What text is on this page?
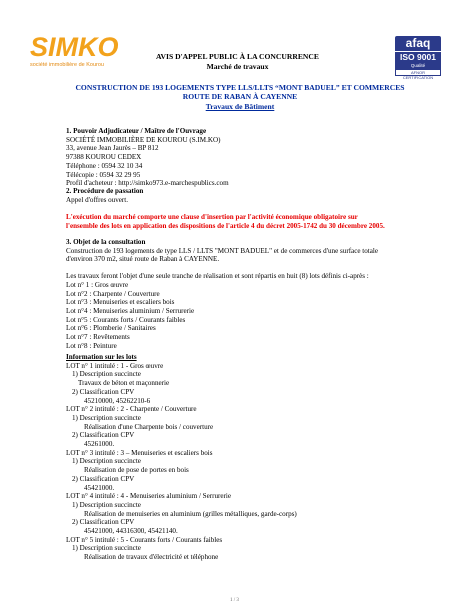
SIMKO
société immobilière de Kourou
AVIS D'APPEL PUBLIC À LA CONCURRENCE
Marché de travaux
afaq
ISO 9001
Qualité
AFNOR CERTIFICATION
CONSTRUCTION DE 193 LOGEMENTS TYPE LLS/LLTS “MONT BADUEL” ET COMMERCES
ROUTE DE RABAN À CAYENNE
Travaux de Bâtiment
1. Pouvoir Adjudicateur / Maître de l'Ouvrage
SOCIÉTÉ IMMOBILIÈRE DE KOUROU (S.IM.KO)
33, avenue Jean Jaurès – BP 812
97388 KOUROU CEDEX
Téléphone : 0594 32 10 34
Télécopie : 0594 32 29 95
Profil d'acheteur : http://simko973.e-marchespublics.com
2. Procédure de passation
Appel d'offres ouvert.
L'exécution du marché comporte une clause d'insertion par l'activité économique obligatoire sur
l'ensemble des lots en application des dispositions de l'article 4 du décret 2005-1742 du 30 décembre 2005.
3. Objet de la consultation
Construction de 193 logements de type LLS / LLTS "MONT BADUEL" et de commerces d'une surface totale
d'environ 370 m2, situé route de Raban à CAYENNE.
Les travaux feront l'objet d'une seule tranche de réalisation et sont répartis en huit (8) lots définis ci-après :
Lot n° 1 : Gros œuvre
Lot n°2 : Charpente / Couverture
Lot n°3 : Menuiseries et escaliers bois
Lot n°4 : Menuiseries aluminium / Serrurerie
Lot n°5 : Courants forts / Courants faibles
Lot n°6 : Plomberie / Sanitaires
Lot n°7 : Revêtements
Lot n°8 : Peinture
Information sur les lots
LOT n° 1 intitulé : 1 - Gros œuvre
1) Description succincte
Travaux de béton et maçonnerie
2) Classification CPV
45210000, 45262210-6
LOT n° 2 intitulé : 2 - Charpente / Couverture
1) Description succincte
Réalisation d'une Charpente bois / couverture
2) Classification CPV
45261000.
LOT n° 3 intitulé : 3 – Menuiseries et escaliers bois
1) Description succincte
Réalisation de pose de portes en bois
2) Classification CPV
45421000.
LOT n° 4 intitulé : 4 - Menuiseries aluminium / Serrurerie
1) Description succincte
Réalisation de menuiseries en aluminium (grilles métalliques, garde-corps)
2) Classification CPV
45421000, 44316300, 45421140.
LOT n° 5 intitulé : 5 - Courants forts / Courants faibles
1) Description succincte
Réalisation de travaux d'électricité et téléphone
1 / 3
